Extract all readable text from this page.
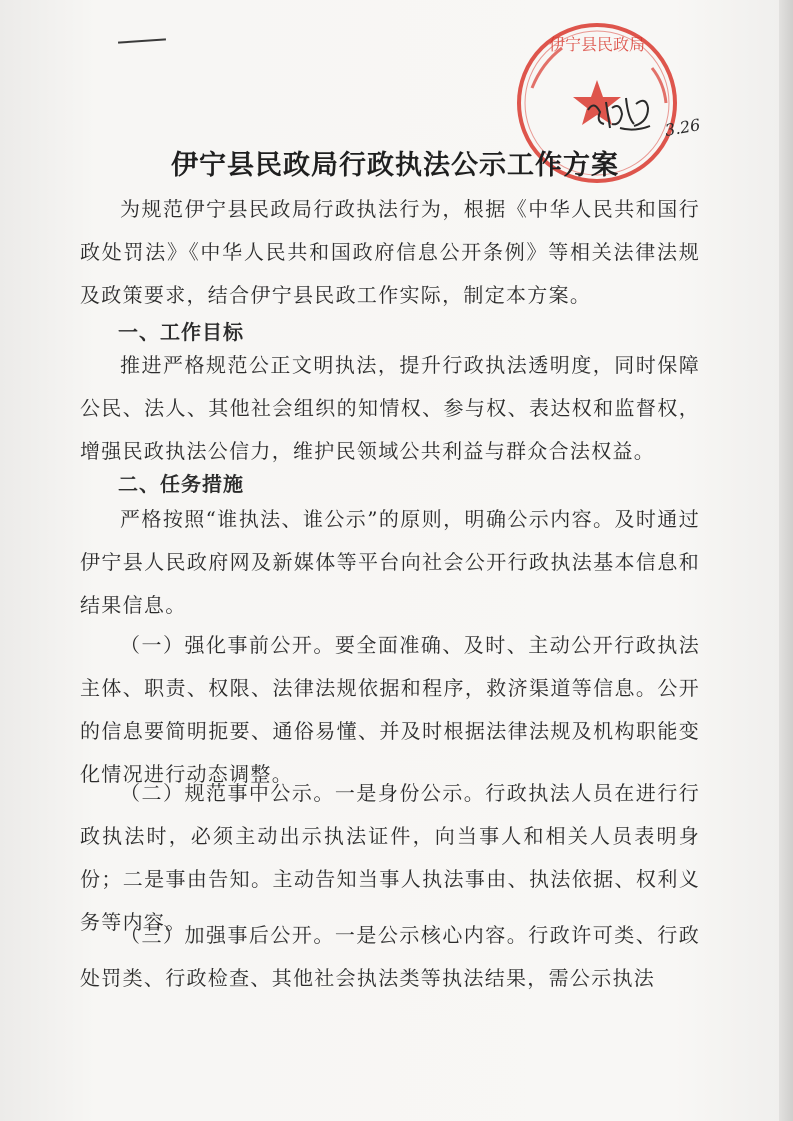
伊宁县民政局
3.26
伊宁县民政局行政执法公示工作方案

为规范伊宁县民政局行政执法行为，根据《中华人民共和国行政处罚法》《中华人民共和国政府信息公开条例》等相关法律法规及政策要求，结合伊宁县民政工作实际，制定本方案。

一、工作目标

推进严格规范公正文明执法，提升行政执法透明度，同时保障公民、法人、其他社会组织的知情权、参与权、表达权和监督权，增强民政执法公信力，维护民领域公共利益与群众合法权益。

二、任务措施

严格按照“谁执法、谁公示”的原则，明确公示内容。及时通过伊宁县人民政府网及新媒体等平台向社会公开行政执法基本信息和结果信息。

（一）强化事前公开。要全面准确、及时、主动公开行政执法主体、职责、权限、法律法规依据和程序，救济渠道等信息。公开的信息要简明扼要、通俗易懂、并及时根据法律法规及机构职能变化情况进行动态调整。

（二）规范事中公示。一是身份公示。行政执法人员在进行行政执法时，必须主动出示执法证件，向当事人和相关人员表明身份；二是事由告知。主动告知当事人执法事由、执法依据、权利义务等内容。

（三）加强事后公开。一是公示核心内容。行政许可类、行政处罚类、行政检查、其他社会执法类等执法结果，需公示执法
